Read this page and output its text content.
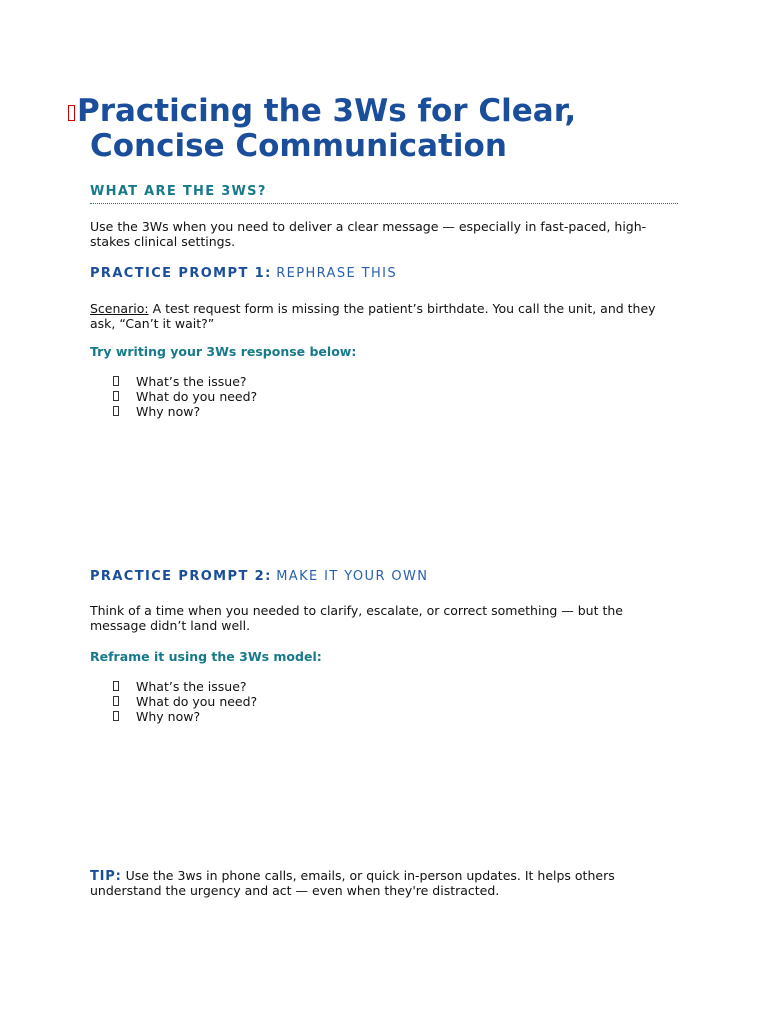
Practicing the 3Ws for Clear,
Concise Communication
WHAT ARE THE 3WS?
Use the 3Ws when you need to deliver a clear message — especially in fast-paced, high-
stakes clinical settings.
PRACTICE PROMPT 1: REPHRASE THIS
Scenario: A test request form is missing the patient’s birthdate. You call the unit, and they
ask, “Can’t it wait?”
Try writing your 3Ws response below:
What’s the issue?
What do you need?
Why now?
PRACTICE PROMPT 2: MAKE IT YOUR OWN
Think of a time when you needed to clarify, escalate, or correct something — but the
message didn’t land well.
Reframe it using the 3Ws model:
What’s the issue?
What do you need?
Why now?
TIP: Use the 3ws in phone calls, emails, or quick in-person updates. It helps others
understand the urgency and act — even when they're distracted.
